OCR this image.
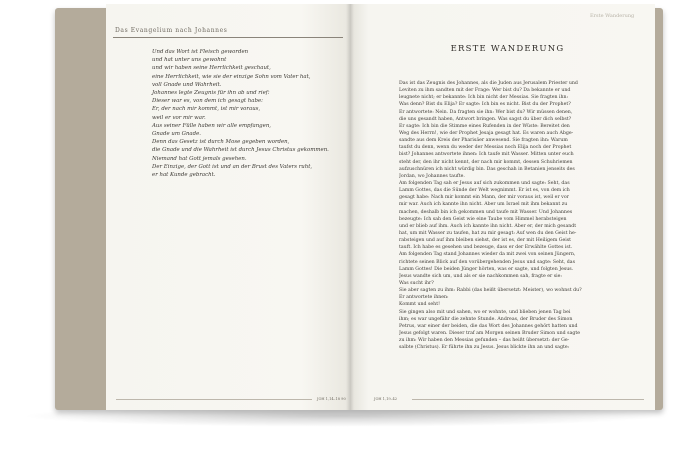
Das Evangelium nach Johannes
Erste Wanderung
Und das Wort ist Fleisch geworden
und hat unter uns gewohnt
und wir haben seine Herrlichkeit geschaut,
eine Herrlichkeit, wie sie der einzige Sohn vom Vater hat,
voll Gnade und Wahrheit.
Johannes legte Zeugnis für ihn ab und rief:
Dieser war es, von dem ich gesagt habe:
Er, der nach mir kommt, ist mir voraus,
weil er vor mir war.
Aus seiner Fülle haben wir alle empfangen,
Gnade um Gnade.
Denn das Gesetz ist durch Mose gegeben worden,
die Gnade und die Wahrheit ist durch Jesus Christus gekommen.
Niemand hat Gott jemals gesehen.
Der Einzige, der Gott ist und an der Brust des Vaters ruht,
er hat Kunde gebracht.
ERSTE WANDERUNG
Das ist das Zeugnis des Johannes, als die Juden aus Jerusalem Priester und
Leviten zu ihm sandten mit der Frage: Wer bist du? Da bekannte er und
leugnete nicht; er bekannte: Ich bin nicht der Messias. Sie fragten ihn:
Was denn? Bist du Elija? Er sagte: Ich bin es nicht. Bist du der Prophet?
Er antwortete: Nein. Da fragten sie ihn: Wer bist du? Wir müssen denen,
die uns gesandt haben, Antwort bringen. Was sagst du über dich selbst?
Er sagte: Ich bin die Stimme eines Rufenden in der Wüste: Bereitet den
Weg des Herrn!, wie der Prophet Jesaja gesagt hat. Es waren auch Abge-
sandte aus dem Kreis der Pharisäer anwesend. Sie fragten ihn: Warum
taufst du denn, wenn du weder der Messias noch Elija noch der Prophet
bist? Johannes antwortete ihnen: Ich taufe mit Wasser. Mitten unter euch
steht der, den ihr nicht kennt, der nach mir kommt, dessen Schuhriemen
aufzuschnüren ich nicht würdig bin. Das geschah in Betanien jenseits des
Jordan, wo Johannes taufte.
Am folgenden Tag sah er Jesus auf sich zukommen und sagte: Seht, das
Lamm Gottes, das die Sünde der Welt wegnimmt. Er ist es, von dem ich
gesagt habe: Nach mir kommt ein Mann, der mir voraus ist, weil er vor
mir war. Auch ich kannte ihn nicht. Aber um Israel mit ihm bekannt zu
machen, deshalb bin ich gekommen und taufe mit Wasser. Und Johannes
bezeugte: Ich sah den Geist wie eine Taube vom Himmel herabsteigen
und er blieb auf ihm. Auch ich kannte ihn nicht. Aber er, der mich gesandt
hat, um mit Wasser zu taufen, hat zu mir gesagt: Auf wen du den Geist he-
rabsteigen und auf ihm bleiben siehst, der ist es, der mit Heiligem Geist
tauft. Ich habe es gesehen und bezeuge, dass er der Erwählte Gottes ist.
Am folgenden Tag stand Johannes wieder da mit zwei von seinen Jüngern,
richtete seinen Blick auf den vorübergehenden Jesus und sagte: Seht, das
Lamm Gottes! Die beiden Jünger hörten, was er sagte, und folgten Jesus.
Jesus wandte sich um, und als er sie nachkommen sah, fragte er sie:
Was sucht ihr?
Sie aber sagten zu ihm: Rabbi (das heißt übersetzt: Meister), wo wohnst du?
Er antwortete ihnen:
Kommt und seht!
Sie gingen also mit und sahen, wo er wohnte, und blieben jenen Tag bei
ihm; es war ungefähr die zehnte Stunde. Andreas, der Bruder des Simon
Petrus, war einer der beiden, die das Wort des Johannes gehört hatten und
Jesus gefolgt waren. Dieser traf am Morgen seinen Bruder Simon und sagte
zu ihm: Wir haben den Messias gefunden – das heißt übersetzt: der Ge-
salbte (Christus). Er führte ihn zu Jesus. Jesus blickte ihn an und sagte:
JOH 1,14–18 90	JOH 1,19–42
